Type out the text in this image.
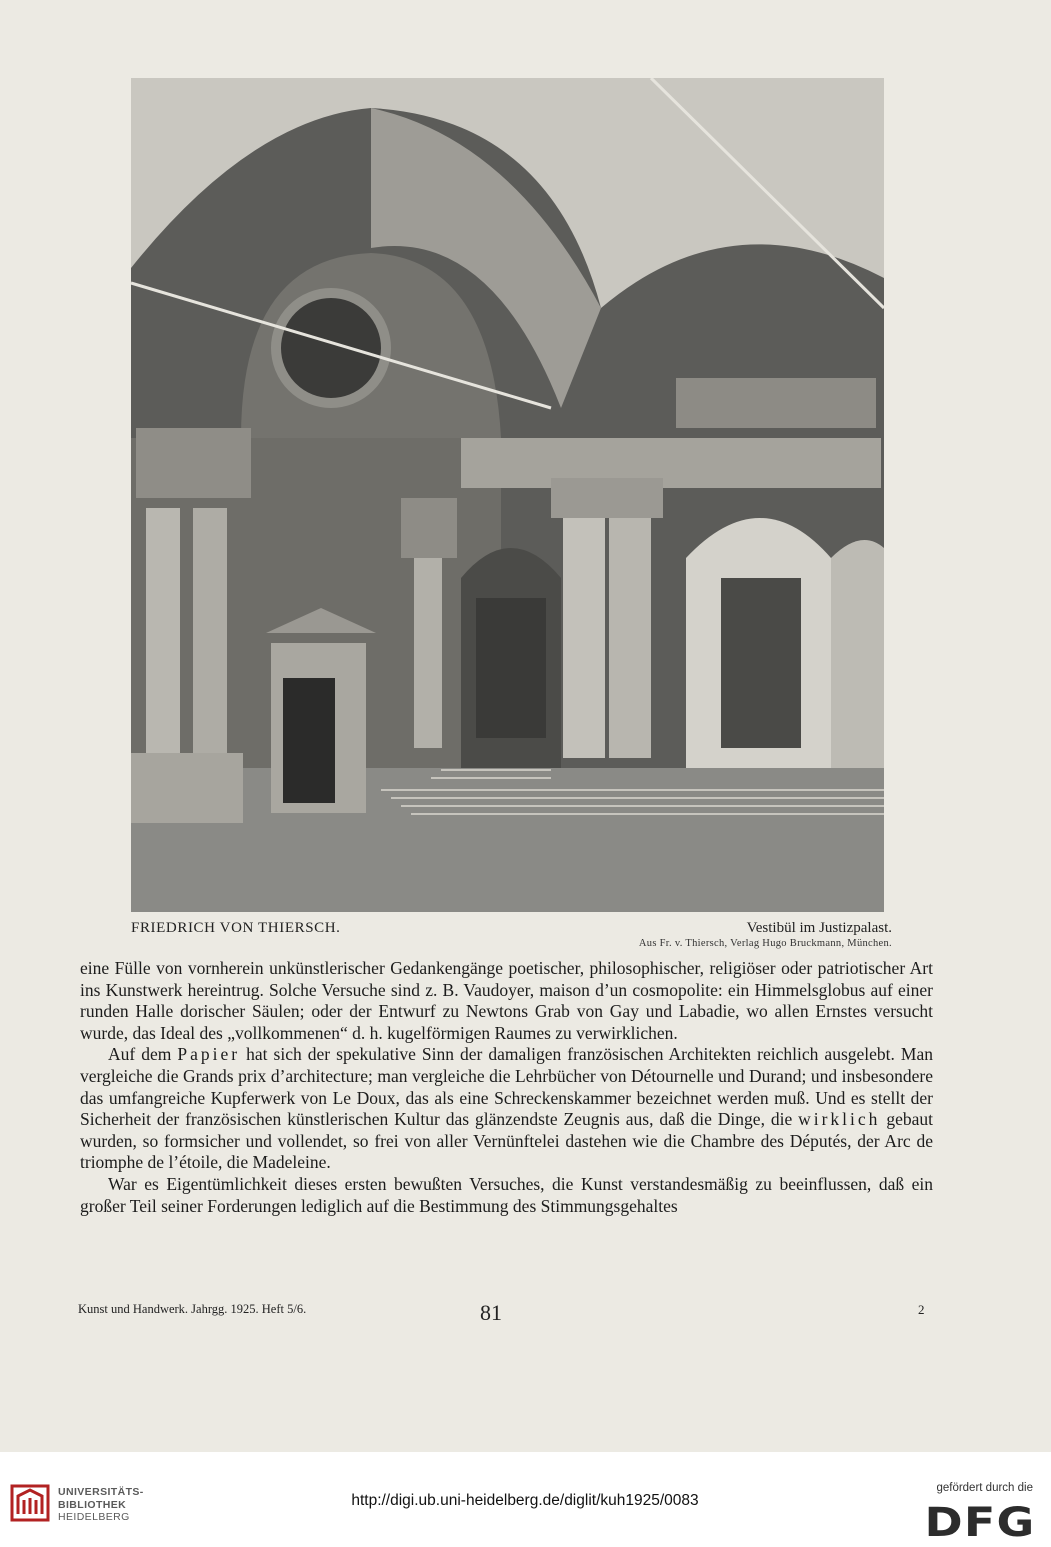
FRIEDRICH VON THIERSCH.	Vestibül im Justizpalast.
Aus Fr. v. Thiersch, Verlag Hugo Bruckmann, München.

eine Fülle von vornherein unkünstlerischer Gedankengänge poetischer, philosophischer, religiöser oder patriotischer Art ins Kunstwerk hereintrug. Solche Versuche sind z. B. Vaudoyer, maison d’un cosmopolite: ein Himmelsglobus auf einer runden Halle dorischer Säulen; oder der Entwurf zu Newtons Grab von Gay und Labadie, wo allen Ernstes versucht wurde, das Ideal des „vollkommenen“ d. h. kugelförmigen Raumes zu verwirklichen.

Auf dem Papier hat sich der spekulative Sinn der damaligen französischen Architekten reichlich ausgelebt. Man vergleiche die Grands prix d’architecture; man vergleiche die Lehrbücher von Détournelle und Durand; und insbesondere das umfangreiche Kupferwerk von Le Doux, das als eine Schreckenskammer bezeichnet werden muß. Und es stellt der Sicherheit der französischen künstlerischen Kultur das glänzendste Zeugnis aus, daß die Dinge, die wirklich gebaut wurden, so formsicher und vollendet, so frei von aller Vernünftelei dastehen wie die Chambre des Députés, der Arc de triomphe de l’étoile, die Madeleine.

War es Eigentümlichkeit dieses ersten bewußten Versuches, die Kunst verstandesmäßig zu beeinflussen, daß ein großer Teil seiner Forderungen lediglich auf die Bestimmung des Stimmungsgehaltes

Kunst und Handwerk. Jahrgg. 1925. Heft 5/6.	81	2
UNIVERSITÄTS-
BIBLIOTHEK
HEIDELBERG
http://digi.ub.uni-heidelberg.de/diglit/kuh1925/0083
gefördert durch die
DFG
